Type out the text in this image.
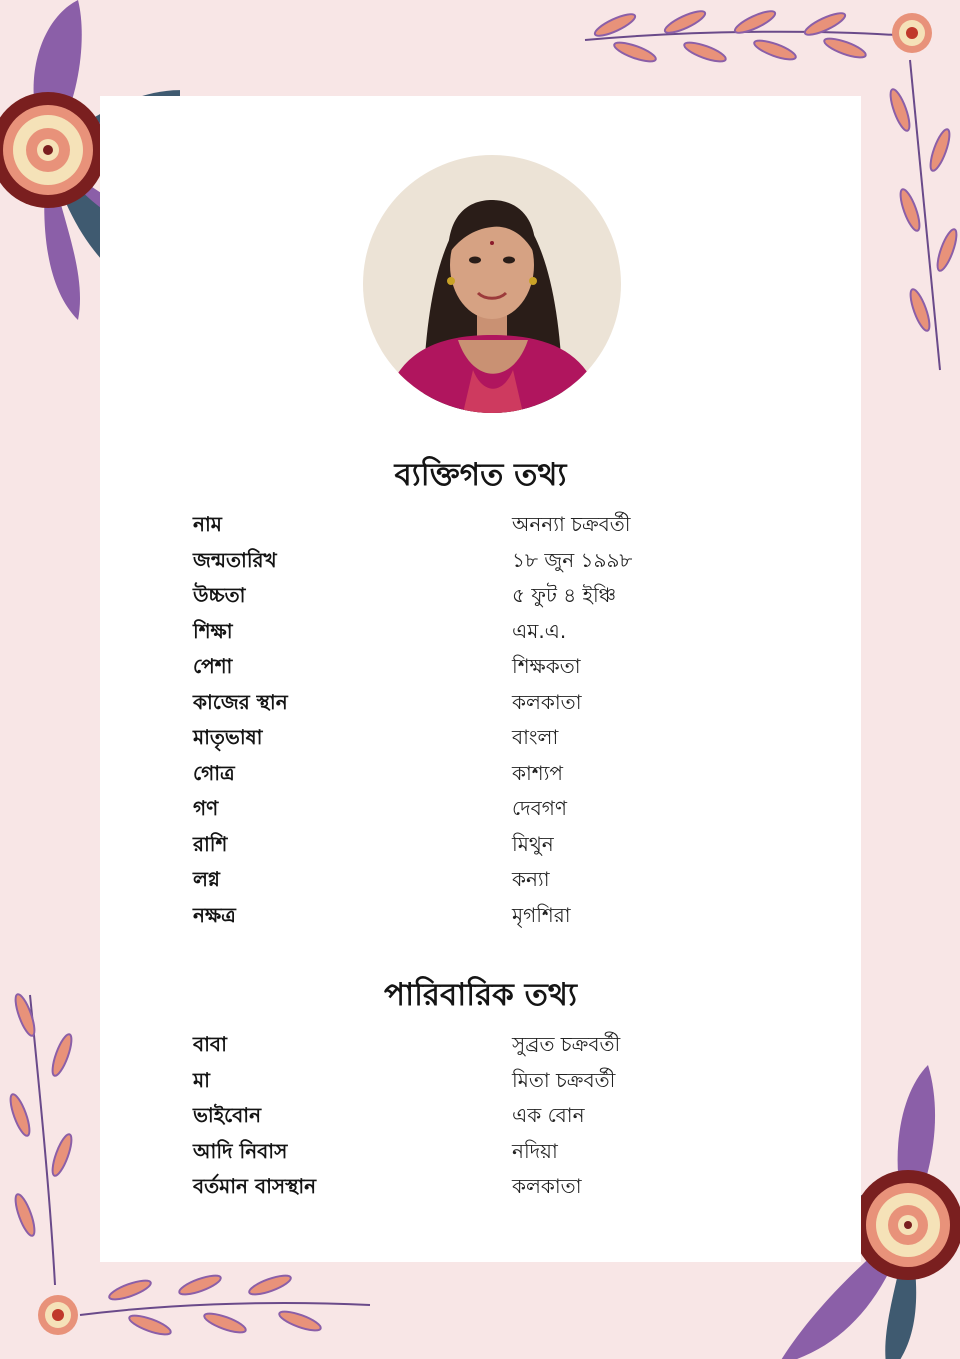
ব্যক্তিগত তথ্য
নাম	অনন্যা চক্রবর্তী
জন্মতারিখ	১৮ জুন ১৯৯৮
উচ্চতা	৫ ফুট ৪ ইঞ্চি
শিক্ষা	এম.এ.
পেশা	শিক্ষকতা
কাজের স্থান	কলকাতা
মাতৃভাষা	বাংলা
গোত্র	কাশ্যপ
গণ	দেবগণ
রাশি	মিথুন
লগ্ন	কন্যা
নক্ষত্র	মৃগশিরা
পারিবারিক তথ্য
বাবা	সুব্রত চক্রবর্তী
মা	মিতা চক্রবর্তী
ভাইবোন	এক বোন
আদি নিবাস	নদিয়া
বর্তমান বাসস্থান	কলকাতা
